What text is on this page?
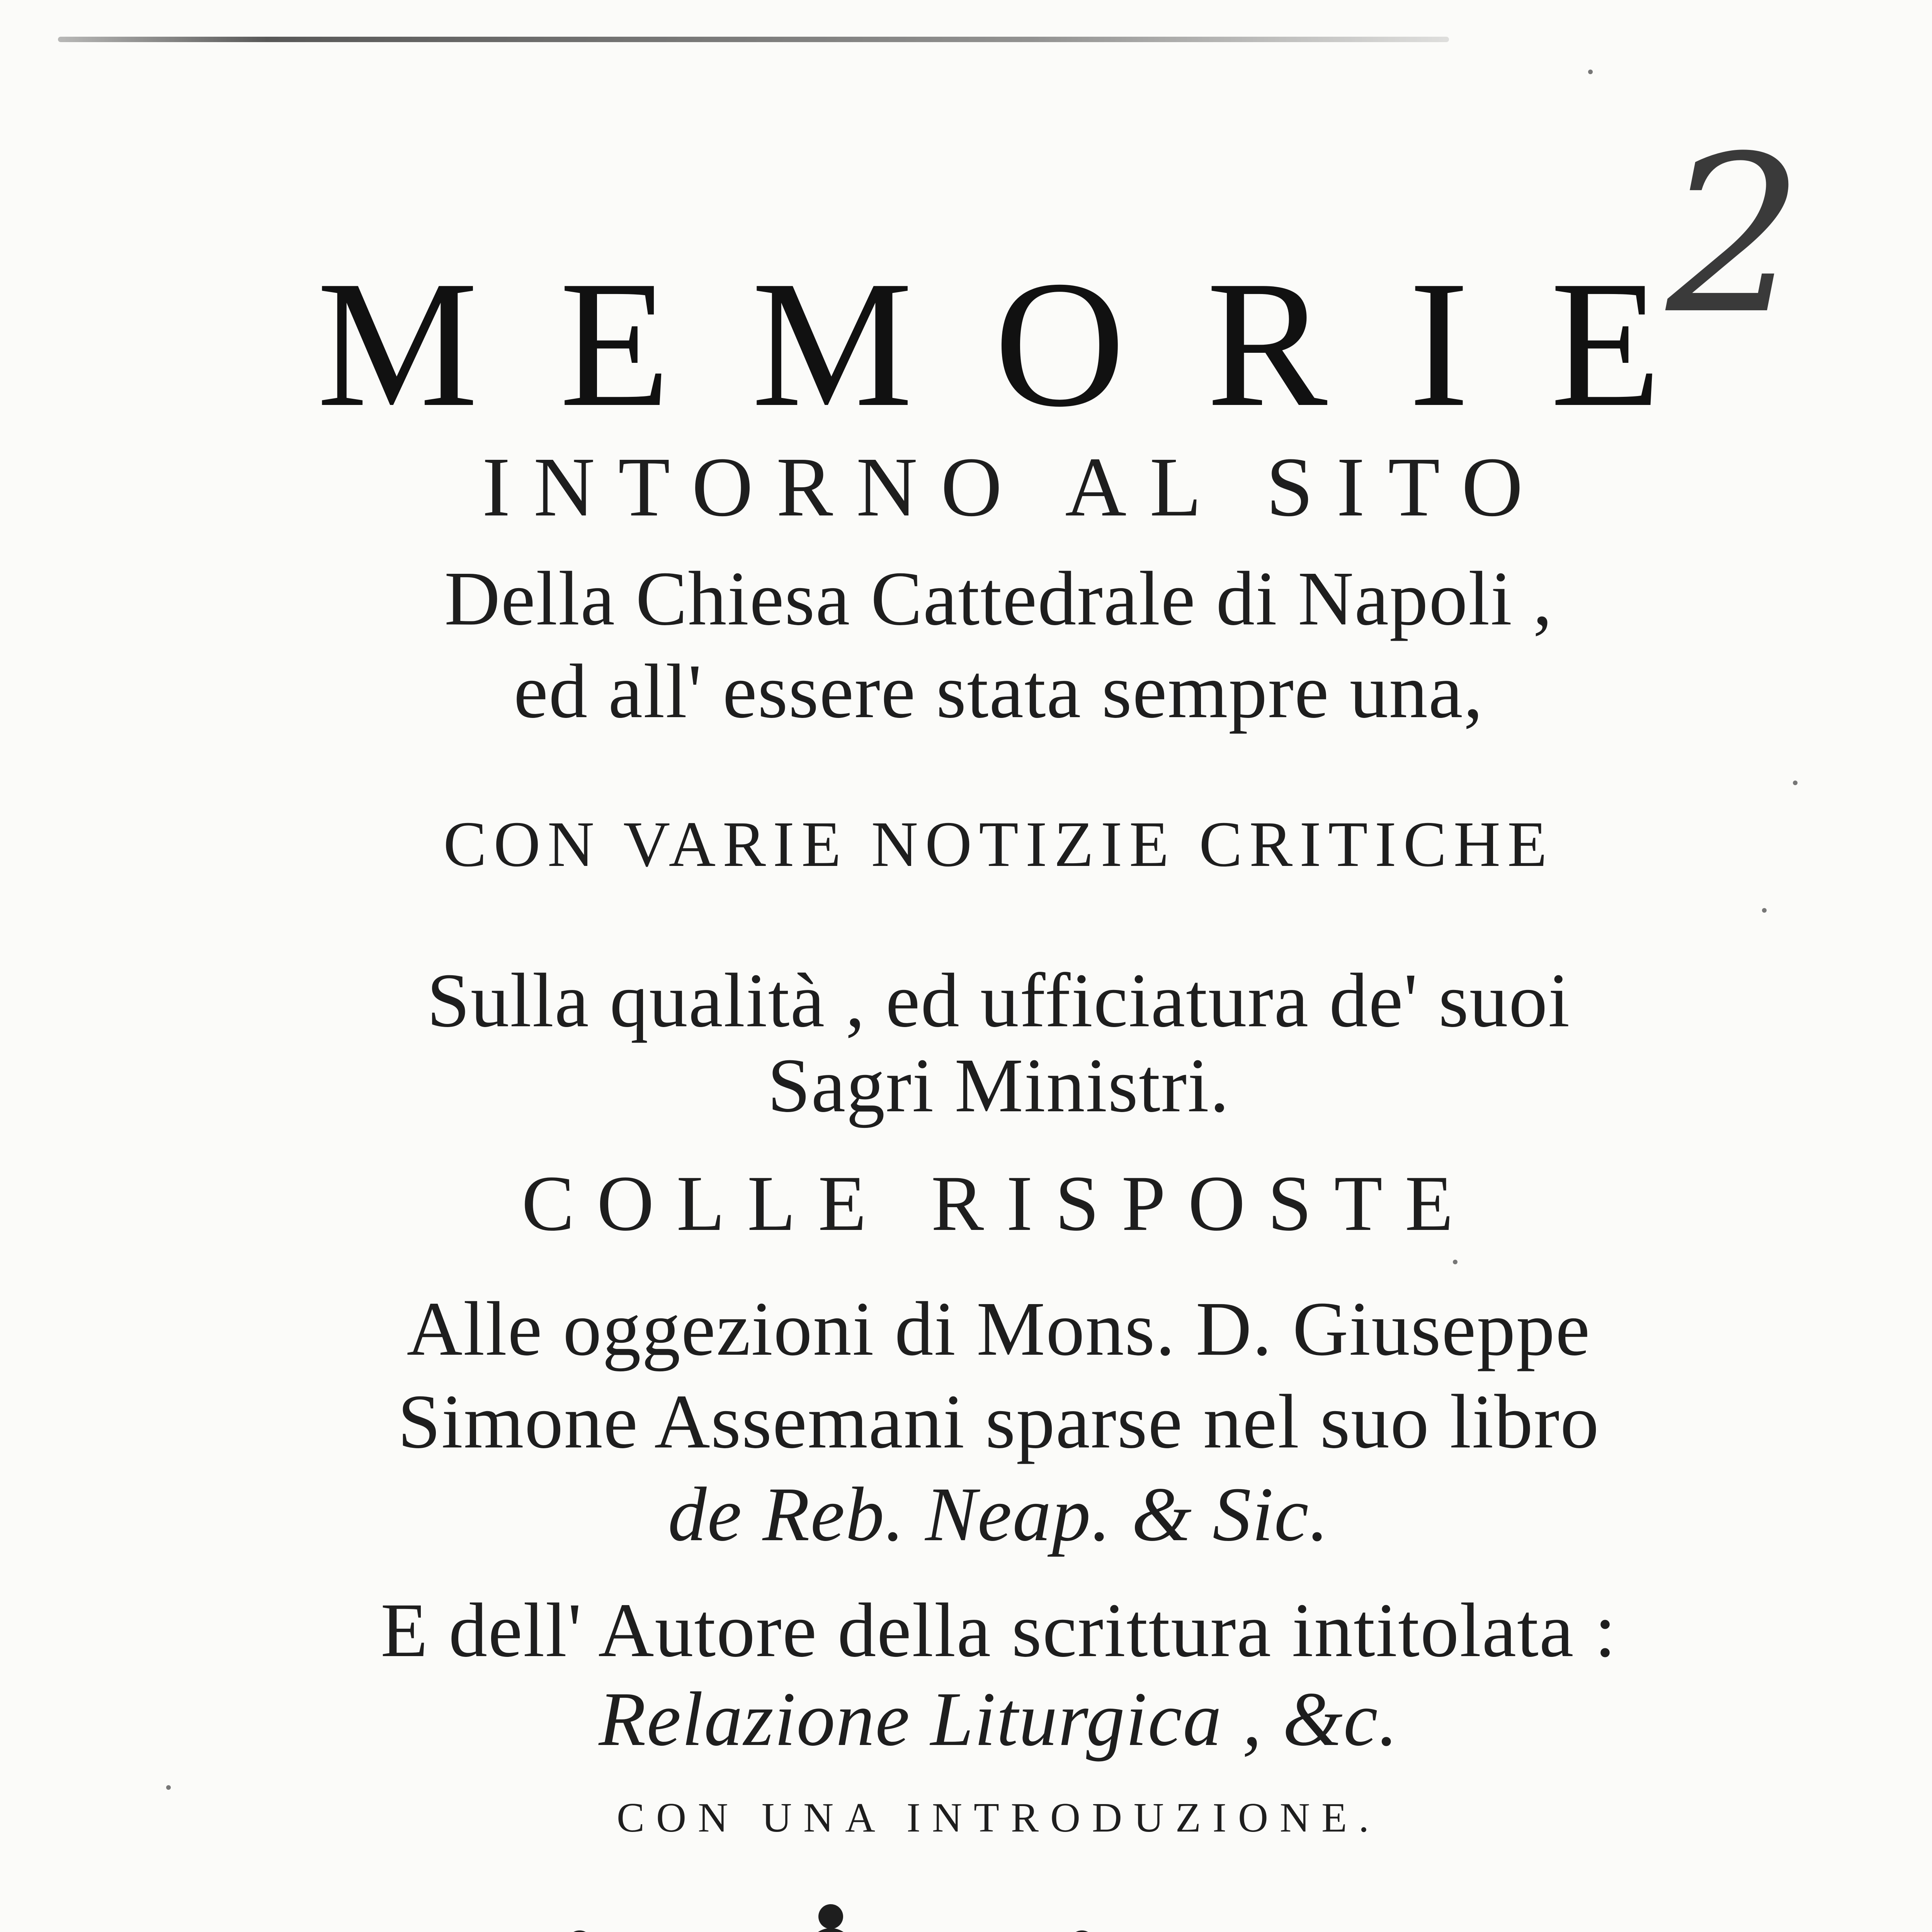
2
MEMORIE
INTORNO AL SITO
Della Chiesa Cattedrale di Napoli ,
ed all' essere stata sempre una,
CON VARIE NOTIZIE CRITICHE
Sulla qualità , ed ufficiatura de' suoi
Sagri Ministri.
COLLE RISPOSTE
Alle oggezioni di Mons. D. Giuseppe
Simone Assemani sparse nel suo libro
de Reb. Neap. & Sic.
E dell' Autore della scrittura intitolata :
Relazione Liturgica , &c.
CON UNA INTRODUZIONE.
